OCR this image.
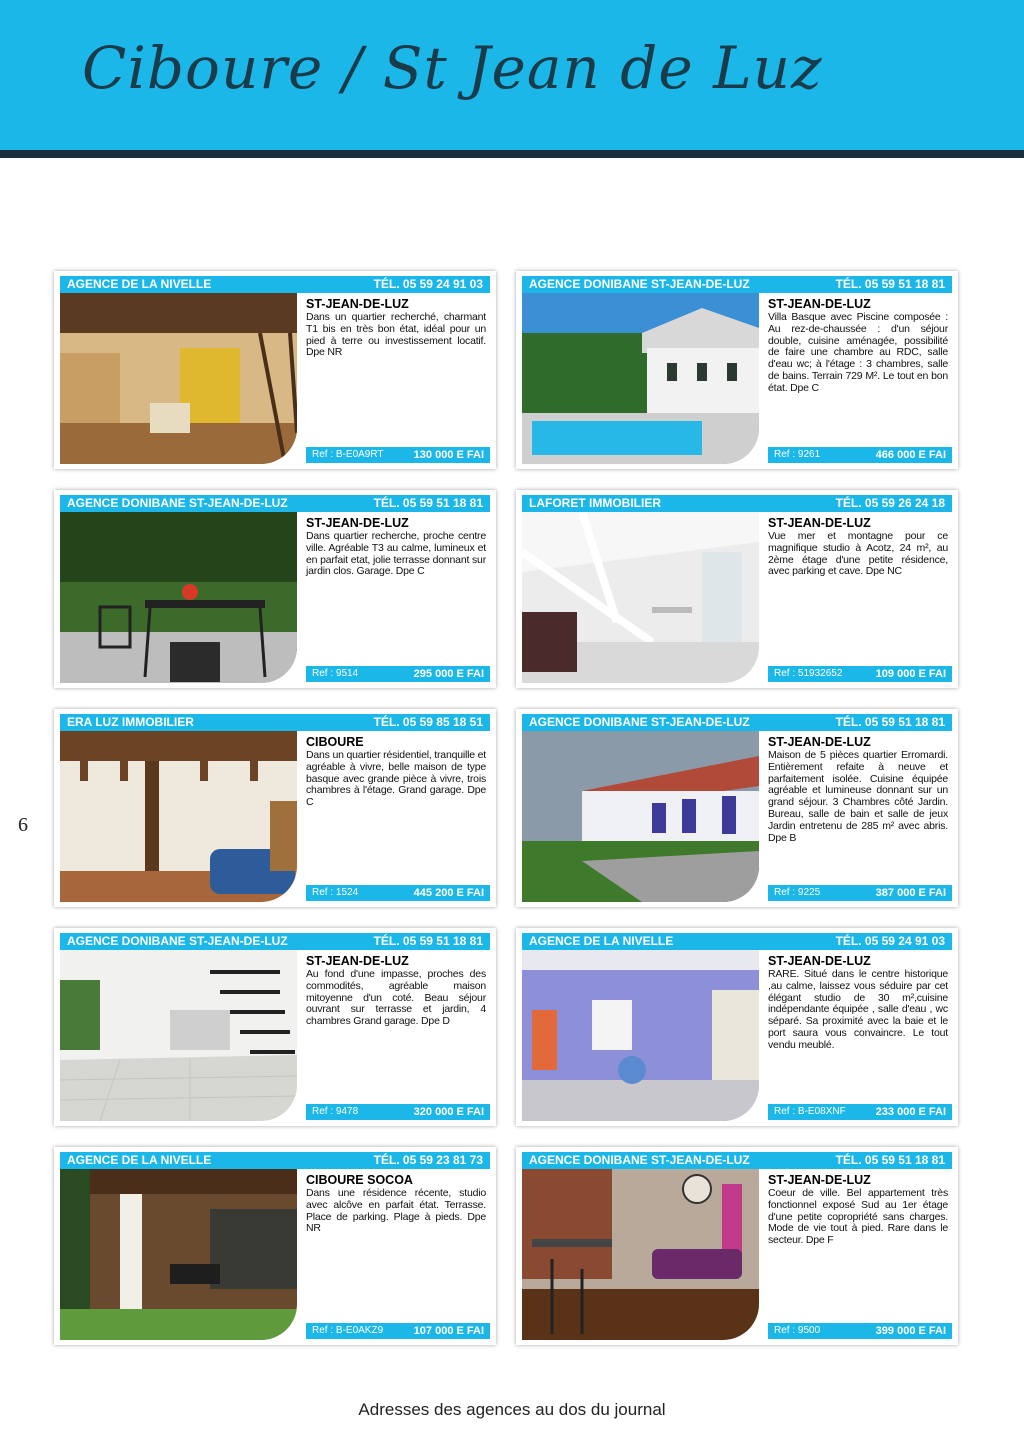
Ciboure / St Jean de Luz
6
Adresses des agences au dos du journal
AGENCE DE LA NIVELLE	TÉL. 05 59 24 91 03
ST-JEAN-DE-LUZ
Dans un quartier recherché, charmant T1 bis en très bon état, idéal pour un pied à terre ou investissement locatif. Dpe NR
Ref : B-E0A9RT	130 000 E FAI
AGENCE DONIBANE ST-JEAN-DE-LUZ	TÉL. 05 59 51 18 81
ST-JEAN-DE-LUZ
Villa Basque avec Piscine composée : Au rez-de-chaussée : d'un séjour double, cuisine aménagée, possibilité de faire une chambre au RDC, salle d'eau wc; à l'étage : 3 chambres, salle de bains. Terrain 729 M². Le tout en bon état. Dpe C
Ref : 9261	466 000 E FAI
AGENCE DONIBANE ST-JEAN-DE-LUZ	TÉL. 05 59 51 18 81
ST-JEAN-DE-LUZ
Dans quartier recherche, proche centre ville. Agréable T3 au calme, lumineux et en parfait etat, jolie terrasse donnant sur jardin clos. Garage. Dpe C
Ref : 9514	295 000 E FAI
LAFORET IMMOBILIER	TÉL. 05 59 26 24 18
ST-JEAN-DE-LUZ
Vue mer et montagne pour ce magnifique studio à Acotz, 24 m², au 2ème étage d'une petite résidence, avec parking et cave. Dpe NC
Ref : 51932652	109 000 E FAI
ERA LUZ IMMOBILIER	TÉL. 05 59 85 18 51
CIBOURE
Dans un quartier résidentiel, tranquille et agréable à vivre, belle maison de type basque avec grande pièce à vivre, trois chambres à l'étage. Grand garage. Dpe C
Ref : 1524	445 200 E FAI
AGENCE DONIBANE ST-JEAN-DE-LUZ	TÉL. 05 59 51 18 81
ST-JEAN-DE-LUZ
Maison de 5 pièces quartier Erromardi. Entièrement refaite à neuve et parfaitement isolée. Cuisine équipée agréable et lumineuse donnant sur un grand séjour. 3 Chambres côté Jardin. Bureau, salle de bain et salle de jeux Jardin entretenu de 285 m² avec abris. Dpe B
Ref : 9225	387 000 E FAI
AGENCE DONIBANE ST-JEAN-DE-LUZ	TÉL. 05 59 51 18 81
ST-JEAN-DE-LUZ
Au fond d'une impasse, proches des commodités, agréable maison mitoyenne d'un coté. Beau séjour ouvrant sur terrasse et jardin, 4 chambres Grand garage. Dpe D
Ref : 9478	320 000 E FAI
AGENCE DE LA NIVELLE	TÉL. 05 59 24 91 03
ST-JEAN-DE-LUZ
RARE. Situé dans le centre historique ,au calme, laissez vous séduire par cet élégant studio de 30 m²,cuisine indépendante équipée , salle d'eau , wc séparé. Sa proximité avec la baie et le port saura vous convaincre. Le tout vendu meublé.
Ref : B-E08XNF	233 000 E FAI
AGENCE DE LA NIVELLE	TÉL. 05 59 23 81 73
CIBOURE SOCOA
Dans une résidence récente, studio avec alcôve en parfait état. Terrasse. Place de parking. Plage à pieds. Dpe NR
Ref : B-E0AKZ9	107 000 E FAI
AGENCE DONIBANE ST-JEAN-DE-LUZ	TÉL. 05 59 51 18 81
ST-JEAN-DE-LUZ
Coeur de ville. Bel appartement très fonctionnel exposé Sud au 1er étage d'une petite copropriété sans charges. Mode de vie tout à pied. Rare dans le secteur. Dpe F
Ref : 9500	399 000 E FAI
